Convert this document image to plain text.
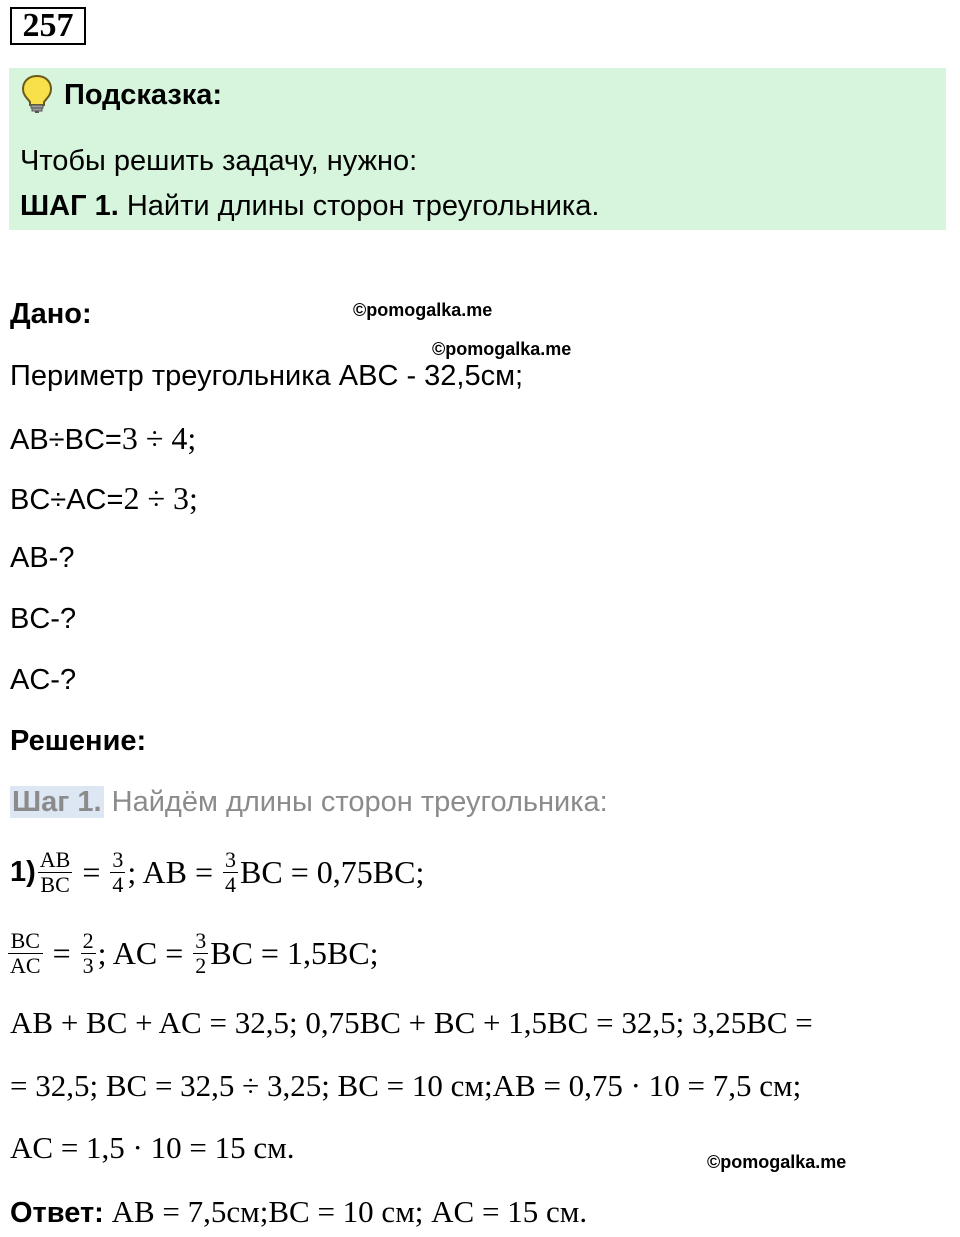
257
Подсказка:
Чтобы решить задачу, нужно:
ШАГ 1. Найти длины сторон треугольника.
Дано:	©pomogalka.me
©pomogalka.me
Периметр треугольника ABC - 32,5см;
AB÷BC=3 ÷ 4;
BC÷AC=2 ÷ 3;
AB-?
BC-?
AC-?
Решение:
Шаг 1. Найдём длины сторон треугольника:
$1) \frac{AB}{BC} = \frac{3}{4}$ ; AB = $\frac{3}{4}$ BC = 0,75BC;
$\frac{BC}{AC} = \frac{2}{3}$ ; AC = $\frac{3}{2}$ BC = 1,5BC;
AB + BC + AC = 32,5; 0,75BC + BC + 1,5BC = 32,5; 3,25BC =
= 32,5; BC = 32,5 ÷ 3,25; BC = 10 см;AB = 0,75 · 10 = 7,5 см;
AC = 1,5 · 10 = 15 см.	©pomogalka.me
Ответ: AB = 7,5см;BC = 10 см; AC = 15 см.
